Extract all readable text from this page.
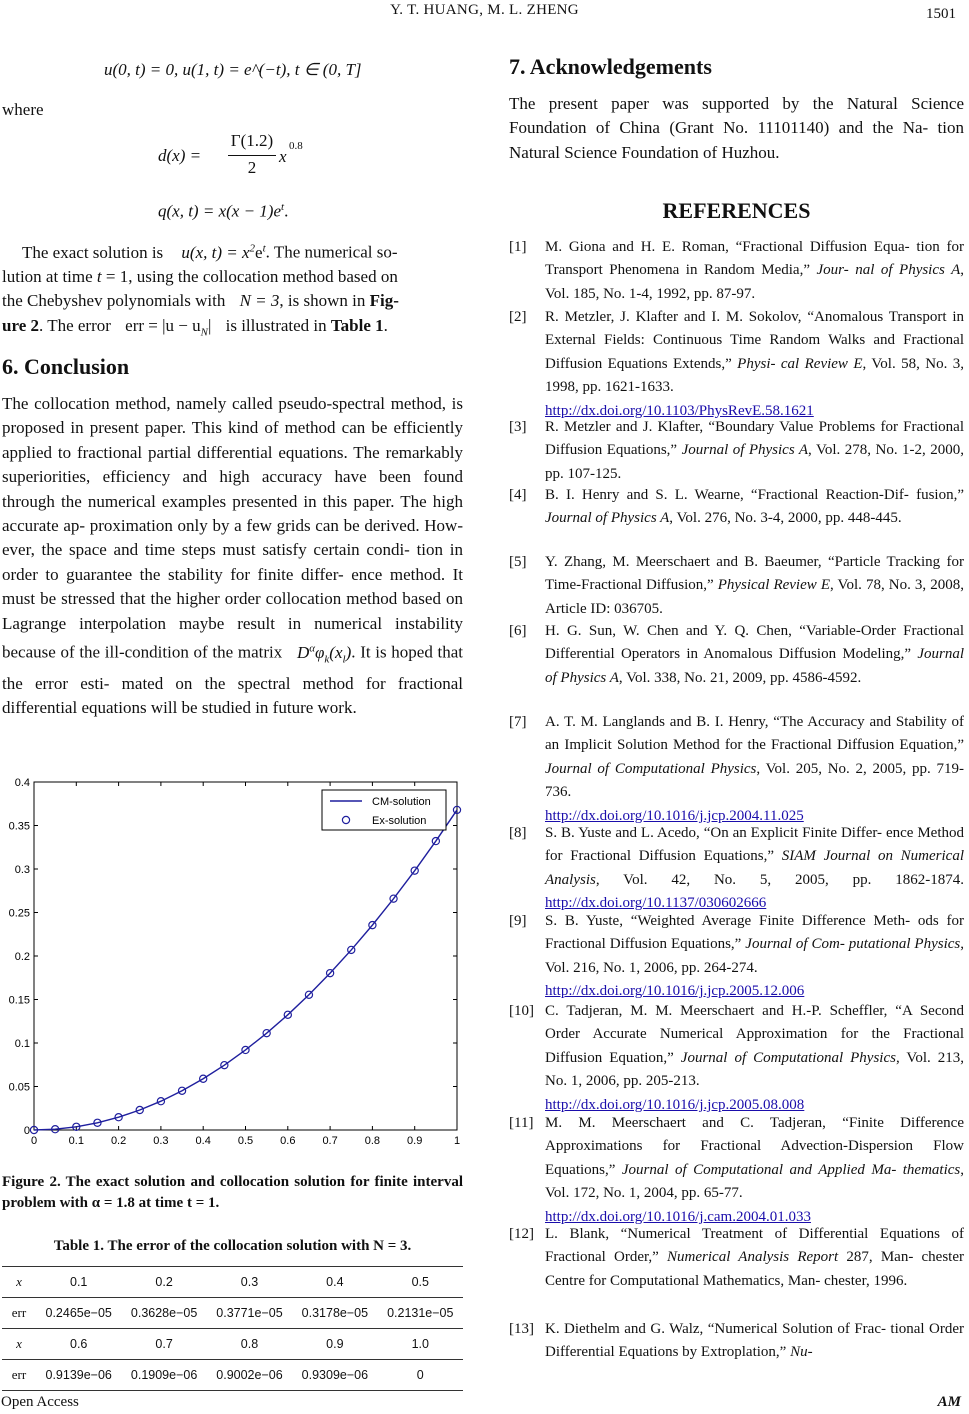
Y. T. HUANG, M. L. ZHENG	1501
u(0, t) = 0, u(1, t) = e^(−t), t ∈ (0, T]
where
d(x) =
Γ(1.2)
2
x
0.8
q(x, $t) = x(x - 1)e^t$.
The exact solution is u(x, $t) = x^2e^t$. The numerical so-
lution at time t = 1, using the collocation method based on
the Chebyshev polynomials with N = 3, is shown in Fig-
ure 2. The error err = $|u - u_N|$ is illustrated in Table 1.
6. Conclusion
The collocation method, namely called pseudo-spectral method, is proposed in present paper. This kind of method can be efficiently applied to fractional partial differential equations. The remarkably superiorities, efficiency and high accuracy have been found through the numerical examples presented in this paper. The high accurate ap- proximation only by a few grids can be derived. How- ever, the space and time steps must satisfy certain condi- tion in order to guarantee the stability for finite differ- ence method. It must be stressed that the higher order collocation method based on Lagrange interpolation maybe result in numerical instability because of the ill-condition of the matrix $D^\alpha\varphi_k(x_l)$. It is hoped that the error esti- mated on the spectral method for fractional differential equations will be studied in future work.
0	0.1 0.2 0.3 0.4 0.5 0.6 0.7 0.8 0.9	1
0
0.05
0.1
0.15
0.2
0.25
0.3
0.35
0.4
CM-solution
Ex-solution
Figure 2. The exact solution and collocation solution for finite interval problem with α = 1.8 at time t = 1.
Table 1. The error of the collocation solution with N = 3.
x	0.1	0.2	0.3	0.4	0.5
err	0.2465e−05	0.3628e−05	0.3771e−05	0.3178e−05	0.2131e−05
x	0.6	0.7	0.8	0.9	1.0
err	0.9139e−06	0.1909e−06	0.9002e−06	0.9309e−06	0
7. Acknowledgements
The present paper was supported by the Natural Science Foundation of China (Grant No. 11101140) and the Na- tion Natural Science Foundation of Huzhou.
REFERENCES
[1] M. Giona and H. E. Roman, “Fractional Diffusion Equa- tion for Transport Phenomena in Random Media,” Jour- nal of Physics A, Vol. 185, No. 1-4, 1992, pp. 87-97.
[2] R. Metzler, J. Klafter and I. M. Sokolov, “Anomalous Transport in External Fields: Continuous Time Random Walks and Fractional Diffusion Equations Extends,” Physi- cal Review E, Vol. 58, No. 3, 1998, pp. 1621-1633.
http://dx.doi.org/10.1103/PhysRevE.58.1621
[3] R. Metzler and J. Klafter, “Boundary Value Problems for Fractional Diffusion Equations,” Journal of Physics A, Vol. 278, No. 1-2, 2000, pp. 107-125.
[4] B. I. Henry and S. L. Wearne, “Fractional Reaction-Dif- fusion,” Journal of Physics A, Vol. 276, No. 3-4, 2000, pp. 448-445.
[5] Y. Zhang, M. Meerschaert and B. Baeumer, “Particle Tracking for Time-Fractional Diffusion,” Physical Review E, Vol. 78, No. 3, 2008, Article ID: 036705.
[6] H. G. Sun, W. Chen and Y. Q. Chen, “Variable-Order Fractional Differential Operators in Anomalous Diffusion Modeling,” Journal of Physics A, Vol. 338, No. 21, 2009, pp. 4586-4592.
[7] A. T. M. Langlands and B. I. Henry, “The Accuracy and Stability of an Implicit Solution Method for the Fractional Diffusion Equation,” Journal of Computational Physics, Vol. 205, No. 2, 2005, pp. 719-736.
http://dx.doi.org/10.1016/j.jcp.2004.11.025
[8] S. B. Yuste and L. Acedo, “On an Explicit Finite Differ- ence Method for Fractional Diffusion Equations,” SIAM Journal on Numerical Analysis, Vol. 42, No. 5, 2005, pp. 1862-1874. http://dx.doi.org/10.1137/030602666
[9] S. B. Yuste, “Weighted Average Finite Difference Meth- ods for Fractional Diffusion Equations,” Journal of Com- putational Physics, Vol. 216, No. 1, 2006, pp. 264-274.
http://dx.doi.org/10.1016/j.jcp.2005.12.006
[10] C. Tadjeran, M. M. Meerschaert and H.-P. Scheffler, “A Second Order Accurate Numerical Approximation for the Fractional Diffusion Equation,” Journal of Computational Physics, Vol. 213, No. 1, 2006, pp. 205-213.
http://dx.doi.org/10.1016/j.jcp.2005.08.008
[11] M. M. Meerschaert and C. Tadjeran, “Finite Difference Approximations for Fractional Advection-Dispersion Flow Equations,” Journal of Computational and Applied Ma- thematics, Vol. 172, No. 1, 2004, pp. 65-77.
http://dx.doi.org/10.1016/j.cam.2004.01.033
[12] L. Blank, “Numerical Treatment of Differential Equations of Fractional Order,” Numerical Analysis Report 287, Man- chester Centre for Computational Mathematics, Man- chester, 1996.
[13] K. Diethelm and G. Walz, “Numerical Solution of Frac- tional Order Differential Equations by Extroplation,” Nu-
Open Access	AM
